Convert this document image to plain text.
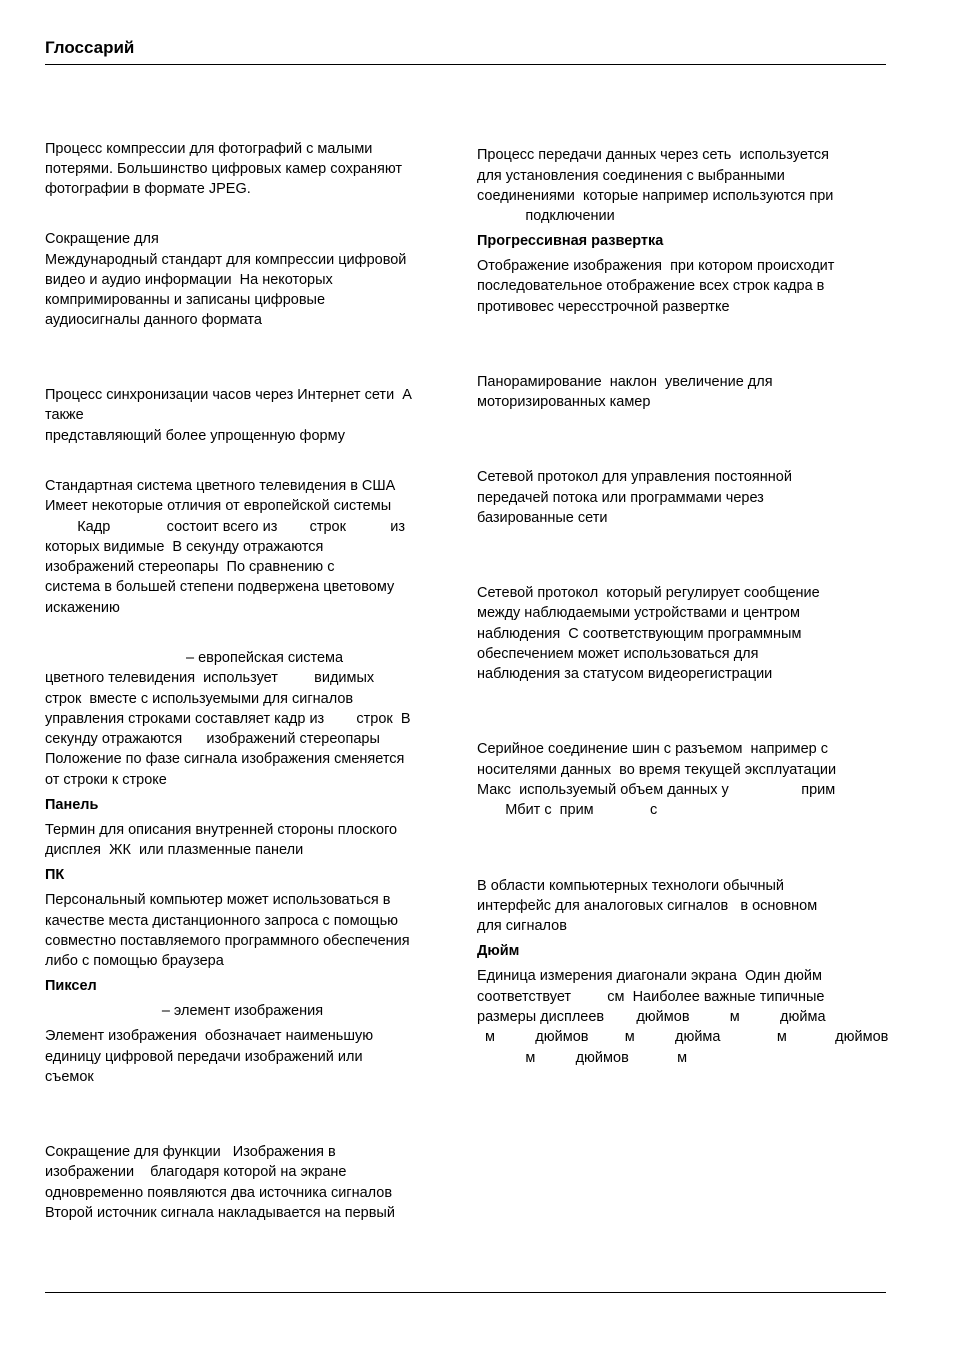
Глоссарий
Процесс компрессии для фотографий с малыми
потерями. Большинство цифровых камер сохраняют
фотографии в формате JPEG.
Сокращение для
Международный стандарт для компрессии цифровой
видео и аудио информации  На некоторых
компримированны и записаны цифровые
аудиосигналы данного формата
Процесс синхронизации часов через Интернет сети  А
также
представляющий более упрощенную форму
Стандартная система цветного телевидения в США
Имеет некоторые отличия от европейской системы
Кадр              состоит всего из        строк           из
которых видимые  В секунду отражаются
изображений стереопары  По сравнению с
система в большей степени подвержена цветовому
искажению
– европейская система
цветного телевидения  использует         видимых
строк  вместе с используемыми для сигналов
управления строками составляет кадр из        строк  В
секунду отражаются      изображений стереопары
Положение по фазе сигнала изображения сменяется
от строки к строке
Панель
Термин для описания внутренней стороны плоского
дисплея  ЖК  или плазменные панели
ПК
Персональный компьютер может использоваться в
качестве места дистанционного запроса с помощью
совместно поставляемого программного обеспечения
либо с помощью браузера
Пиксел
– элемент изображения
Элемент изображения  обозначает наименьшую
единицу цифровой передачи изображений или
съемок
Сокращение для функции   Изображения в
изображении    благодаря которой на экране
одновременно появляются два источника сигналов
Второй источник сигнала накладывается на первый
Процесс передачи данных через сеть  используется
для установления соединения с выбранными
соединениями  которые например используются при
подключении
Прогрессивная развертка
Отображение изображения  при котором происходит
последовательное отображение всех строк кадра в
противовес чересстрочной развертке
Панорамирование  наклон  увеличение для
моторизированных камер
Сетевой протокол для управления постоянной
передачей потока или программами через
базированные сети
Сетевой протокол  который регулирует сообщение
между наблюдаемыми устройствами и центром
наблюдения  С соответствующим программным
обеспечением может использоваться для
наблюдения за статусом видеорегистрации
Серийное соединение шин с разъемом  например с
носителями данных  во время текущей эксплуатации
Макс  используемый объем данных у                  прим
Мбит с  прим              с
В области компьютерных технологи обычный
интерфейс для аналоговых сигналов   в основном
для сигналов
Дюйм
Единица измерения диагонали экрана  Один дюйм
соответствует         см  Наиболее важные типичные
размеры дисплеев        дюймов          м          дюйма
м          дюймов         м          дюйма              м            дюймов
м          дюймов            м
